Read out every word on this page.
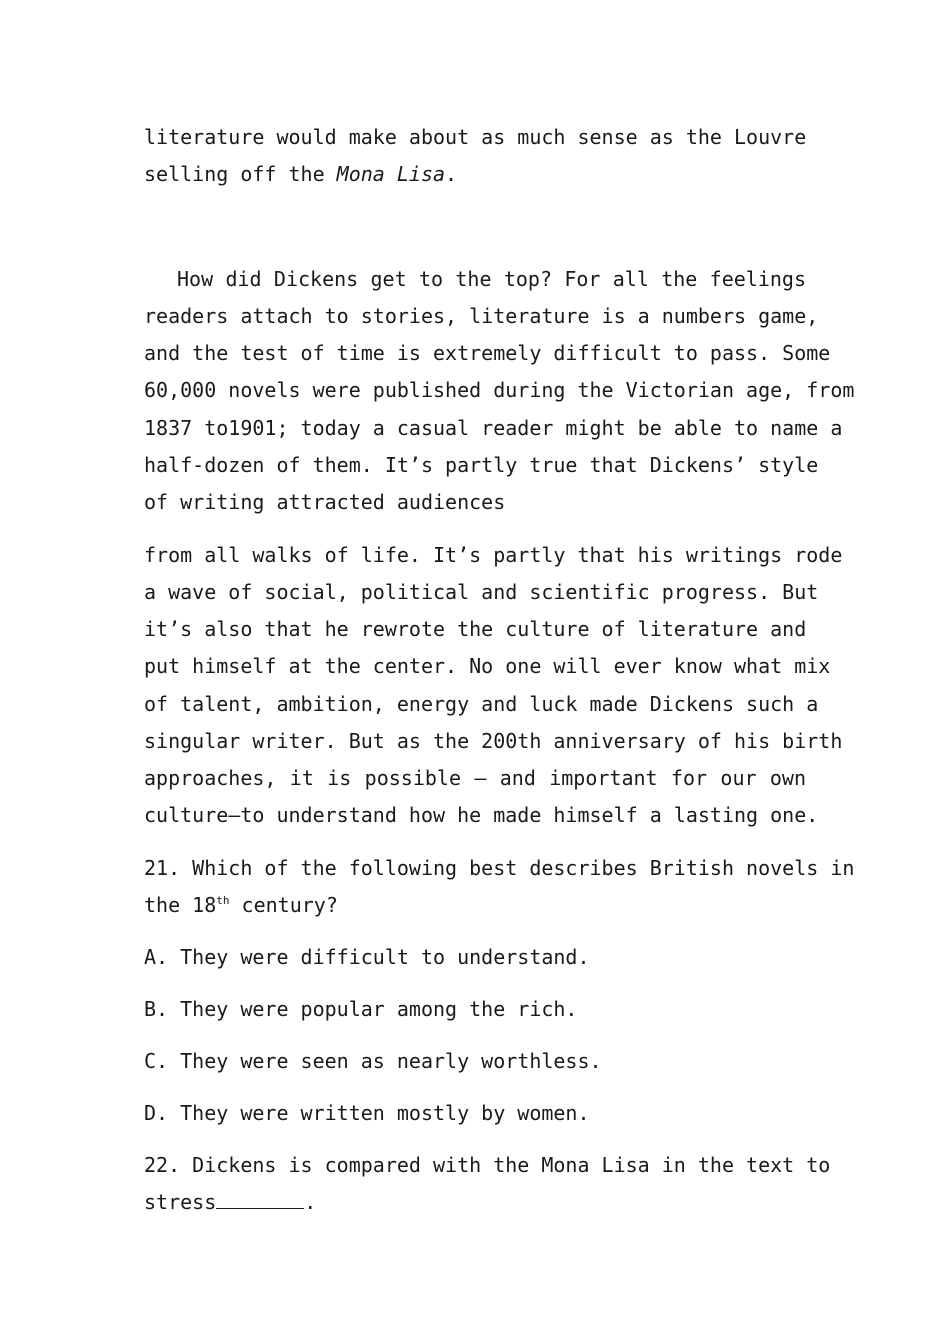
literature would make about as much sense as the Louvre
selling off the Mona Lisa.
How did Dickens get to the top? For all the feelings
readers attach to stories, literature is a numbers game,
and the test of time is extremely difficult to pass. Some
60,000 novels were published during the Victorian age, from
1837 to1901; today a casual reader might be able to name a
half-dozen of them. It’s partly true that Dickens’ style
of writing attracted audiences
from all walks of life. It’s partly that his writings rode
a wave of social, political and scientific progress. But
it’s also that he rewrote the culture of literature and
put himself at the center. No one will ever know what mix
of talent, ambition, energy and luck made Dickens such a
singular writer. But as the 200th anniversary of his birth
approaches, it is possible — and important for our own
culture—to understand how he made himself a lasting one.
21. Which of the following best describes British novels in
the 18th century?
A. They were difficult to understand.
B. They were popular among the rich.
C. They were seen as nearly worthless.
D. They were written mostly by women.
22. Dickens is compared with the Mona Lisa in the text to
stress	.
